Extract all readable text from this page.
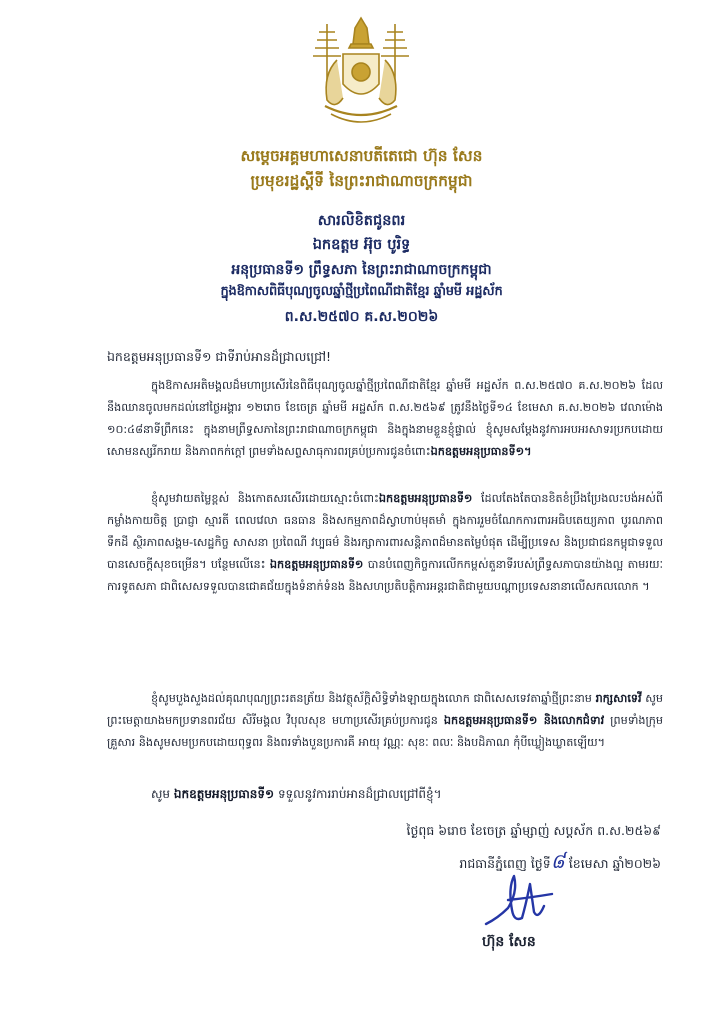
សម្ដេចអគ្គមហាសេនាបតីតេជោ ហ៊ុន សែន
ប្រមុខរដ្ឋស្ដីទី នៃព្រះរាជាណាចក្រកម្ពុជា
សារលិខិតជូនពរ
ឯកឧត្ដម អ៊ុច បូរិទ្ធ
អនុប្រធានទី១ ព្រឹទ្ធសភា នៃព្រះរាជាណាចក្រកម្ពុជា
ក្នុងឱកាសពិធីបុណ្យចូលឆ្នាំថ្មីប្រពៃណីជាតិខ្មែរ ឆ្នាំមមី អដ្ឋស័ក
ព.ស.២៥៧០ គ.ស.២០២៦
ឯកឧត្ដមអនុប្រធានទី១ ជាទីរាប់អានដ៏ជ្រាលជ្រៅ!

ក្នុងឱកាសអតិមង្គលដ៏មហាប្រសើរនៃពិធីបុណ្យចូលឆ្នាំថ្មីប្រពៃណីជាតិខ្មែរ ឆ្នាំមមី អដ្ឋស័ក ព.ស.២៥៧០ គ.ស.២០២៦ ដែលនឹងឈានចូលមកដល់នៅថ្ងៃអង្គារ ១២រោច ខែចេត្រ ឆ្នាំមមី អដ្ឋស័ក ព.ស.២៥៦៩ ត្រូវនឹងថ្ងៃទី១៤ ខែមេសា គ.ស.២០២៦ វេលាម៉ោង ១០:៤៨នាទីព្រឹកនេះ ក្នុងនាមព្រឹទ្ធសភានៃព្រះរាជាណាចក្រកម្ពុជា និងក្នុងនាមខ្លួនខ្ញុំផ្ទាល់ ខ្ញុំសូមសម្ដែងនូវការអបអរសាទរប្រកបដោយសោមនស្សរីករាយ និងភាពកក់ក្ដៅ ព្រមទាំងសព្ទសាធុការពរគ្រប់ប្រការជូនចំពោះឯកឧត្ដមអនុប្រធានទី១។

ខ្ញុំសូមវាយតម្លៃខ្ពស់ និងកោតសរសើរដោយស្មោះចំពោះឯកឧត្ដមអនុប្រធានទី១ ដែលតែងតែបានខិតខំប្រឹងប្រែងលះបង់អស់ពីកម្លាំងកាយចិត្ត ប្រាជ្ញា ស្មារតី ពេលវេលា ធនធាន និងសកម្មភាពដ៏ស្វាហាប់មុតមាំ ក្នុងការរួមចំណែកការពារអធិបតេយ្យភាព បូរណភាពទឹកដី ស្ថិរភាពសង្គម-សេដ្ឋកិច្ច សាសនា ប្រពៃណី វប្បធម៌ និងរក្សាការពារសន្តិភាពដ៏មានតម្លៃបំផុត ដើម្បីប្រទេស និងប្រជាជនកម្ពុជាទទួលបានសេចក្ដីសុខចម្រើន។ បន្ថែមលើនេះ ឯកឧត្ដមអនុប្រធានទី១ បានបំពេញកិច្ចការលើកកម្ពស់តួនាទីរបស់ព្រឹទ្ធសភាបានយ៉ាងល្អ តាមរយៈការទូតសភា ជាពិសេសទទួលបានជោគជ័យក្នុងទំនាក់ទំនង និងសហប្រតិបត្តិការអន្តរជាតិជាមួយបណ្ដាប្រទេសនានាលើសកលលោក ។

ខ្ញុំសូមបួងសួងដល់គុណបុណ្យព្រះរតនត្រ័យ និងវត្ថុស័ក្ដិសិទ្ធិទាំងឡាយក្នុងលោក ជាពិសេសទេវតាឆ្នាំថ្មីព្រះនាម រាក្សសាទេវី សូមព្រះមេត្តាយាងមកប្រទានពរជ័យ សិរីមង្គល វិបុលសុខ មហាប្រសើរគ្រប់ប្រការជូន ឯកឧត្ដមអនុប្រធានទី១ និងលោកជំទាវ ព្រមទាំងក្រុមគ្រួសារ និងសូមសមប្រកបដោយពុទ្ធពរ និងពរទាំងបួនប្រការគឺ អាយុ វណ្ណៈ សុខៈ ពលៈ និងបដិភាណ កុំបីឃ្លៀងឃ្លាតឡើយ។

សូម ឯកឧត្ដមអនុប្រធានទី១ ទទួលនូវការរាប់អានដ៏ជ្រាលជ្រៅពីខ្ញុំ។
ថ្ងៃពុធ ៦រោច ខែចេត្រ ឆ្នាំម្សាញ់ សប្ដស័ក ព.ស.២៥៦៩
រាជធានីភ្នំពេញ ថ្ងៃទី៨ ខែមេសា ឆ្នាំ២០២៦
ហ៊ុន សែន
